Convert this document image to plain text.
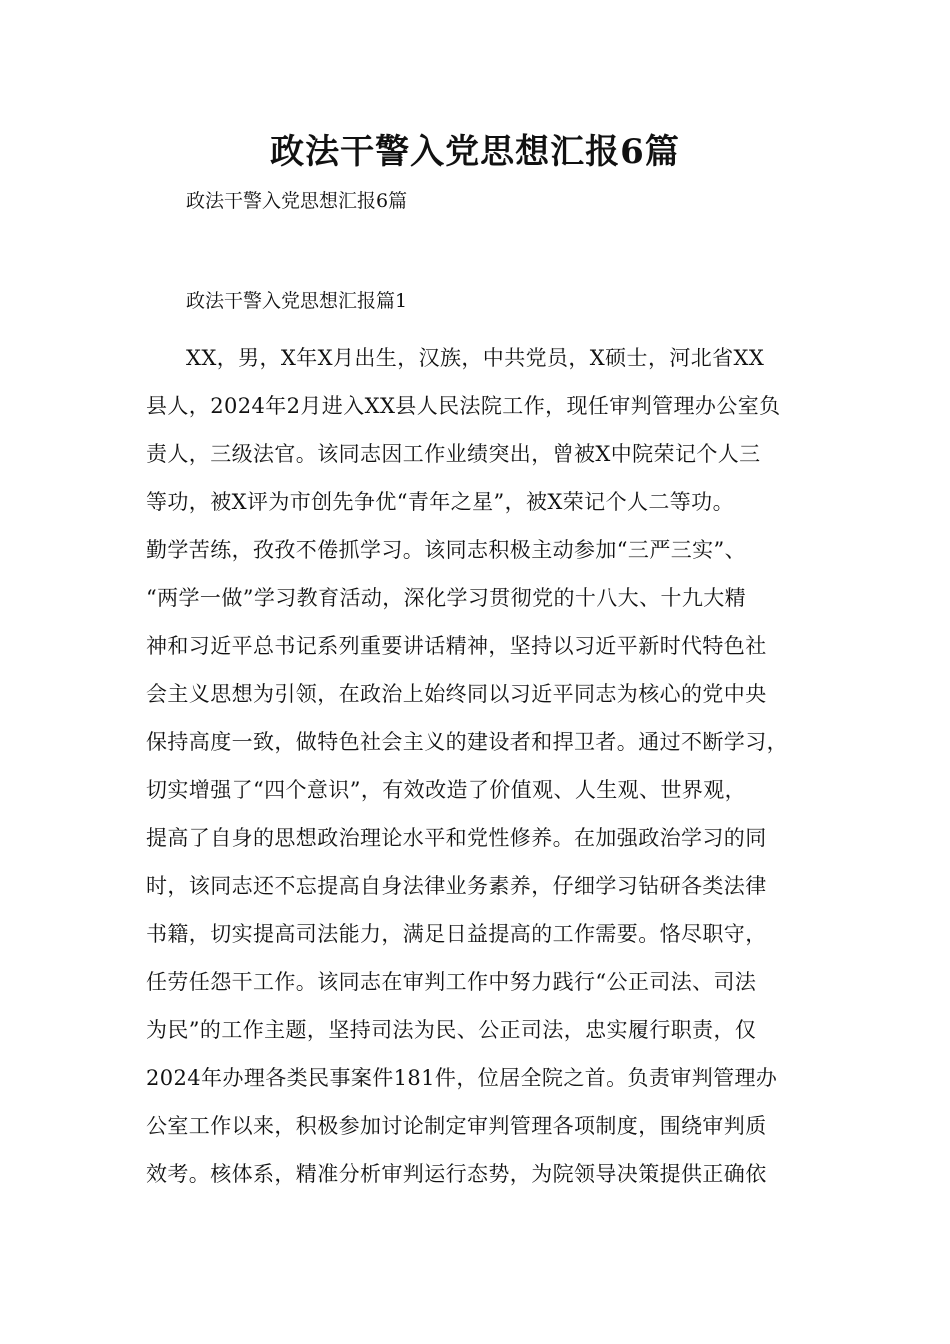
政法干警入党思想汇报6篇

政法干警入党思想汇报6篇

政法干警入党思想汇报篇1

XX，男，X年X月出生，汉族，中共党员，X硕士，河北省XX
县人，2024年2月进入XX县人民法院工作，现任审判管理办公室负
责人，三级法官。该同志因工作业绩突出，曾被X中院荣记个人三
等功，被X评为市创先争优“青年之星”，被X荣记个人二等功。
勤学苦练，孜孜不倦抓学习。该同志积极主动参加“三严三实”、
“两学一做”学习教育活动，深化学习贯彻党的十八大、十九大精
神和习近平总书记系列重要讲话精神，坚持以习近平新时代特色社
会主义思想为引领，在政治上始终同以习近平同志为核心的党中央
保持高度一致，做特色社会主义的建设者和捍卫者。通过不断学习，
切实增强了“四个意识”，有效改造了价值观、人生观、世界观，
提高了自身的思想政治理论水平和党性修养。在加强政治学习的同
时，该同志还不忘提高自身法律业务素养，仔细学习钻研各类法律
书籍，切实提高司法能力，满足日益提高的工作需要。恪尽职守，
任劳任怨干工作。该同志在审判工作中努力践行“公正司法、司法
为民”的工作主题，坚持司法为民、公正司法，忠实履行职责，仅
2024年办理各类民事案件181件，位居全院之首。负责审判管理办
公室工作以来，积极参加讨论制定审判管理各项制度，围绕审判质
效考。核体系，精准分析审判运行态势，为院领导决策提供正确依
